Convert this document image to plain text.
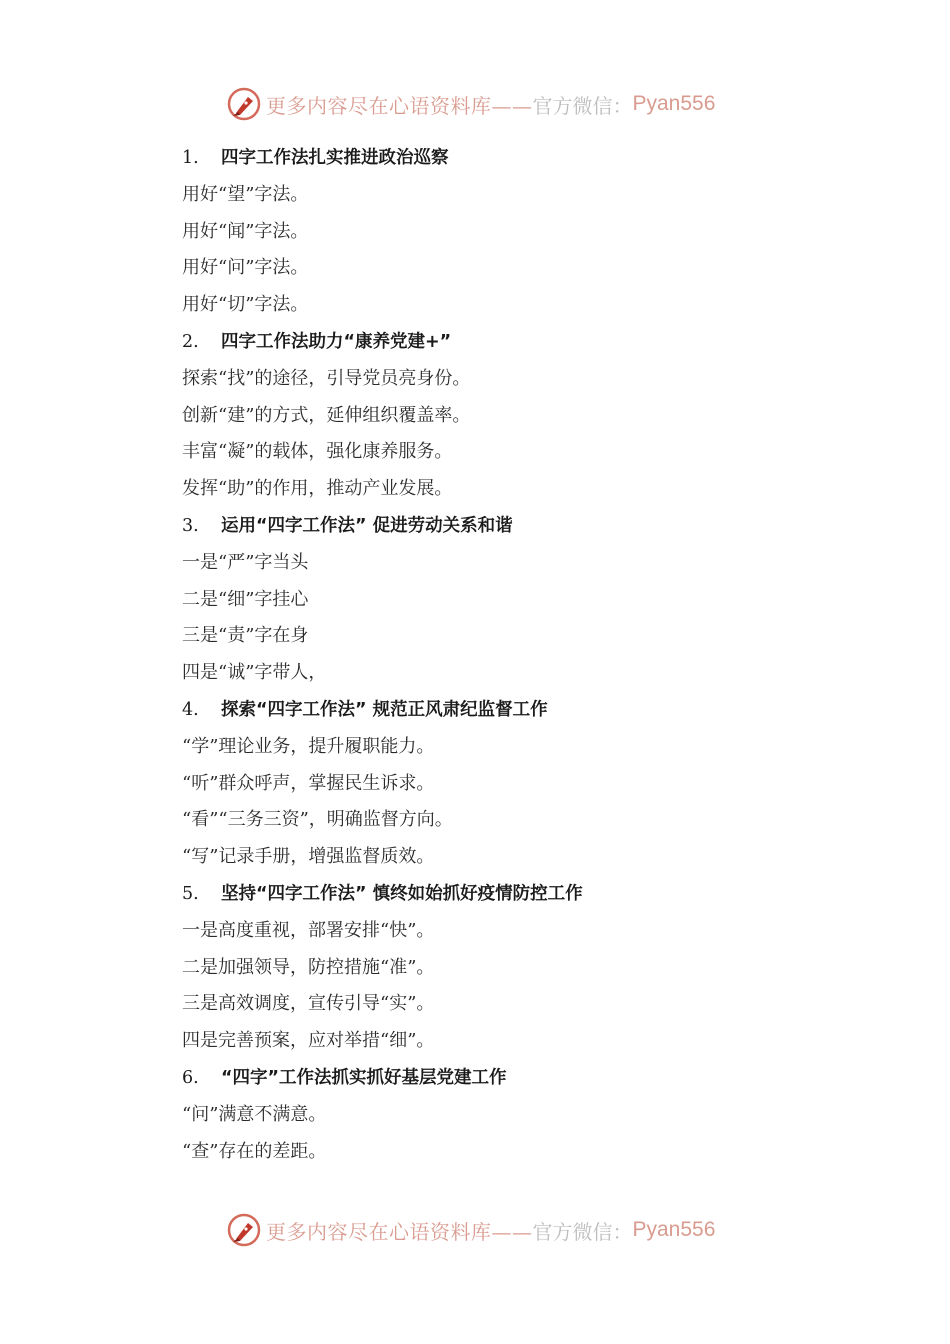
更多内容尽在心语资料库—— 官方微信： Pyan556
1. 四字工作法扎实推进政治巡察
用好“望”字法。
用好“闻”字法。
用好“问”字法。
用好“切”字法。
2. 四字工作法助力“康养党建+”
探索“找”的途径，引导党员亮身份。
创新“建”的方式，延伸组织覆盖率。
丰富“凝”的载体，强化康养服务。
发挥“助”的作用，推动产业发展。
3. 运用“四字工作法” 促进劳动关系和谐
一是“严”字当头
二是“细”字挂心
三是“责”字在身
四是“诚”字带人，
4. 探索“四字工作法” 规范正风肃纪监督工作
“学”理论业务，提升履职能力。
“听”群众呼声，掌握民生诉求。
“看”“三务三资”，明确监督方向。
“写”记录手册，增强监督质效。
5. 坚持“四字工作法” 慎终如始抓好疫情防控工作
一是高度重视，部署安排“快”。
二是加强领导，防控措施“准”。
三是高效调度，宣传引导“实”。
四是完善预案，应对举措“细”。
6. “四字”工作法抓实抓好基层党建工作
“问”满意不满意。
“查”存在的差距。
更多内容尽在心语资料库—— 官方微信： Pyan556
